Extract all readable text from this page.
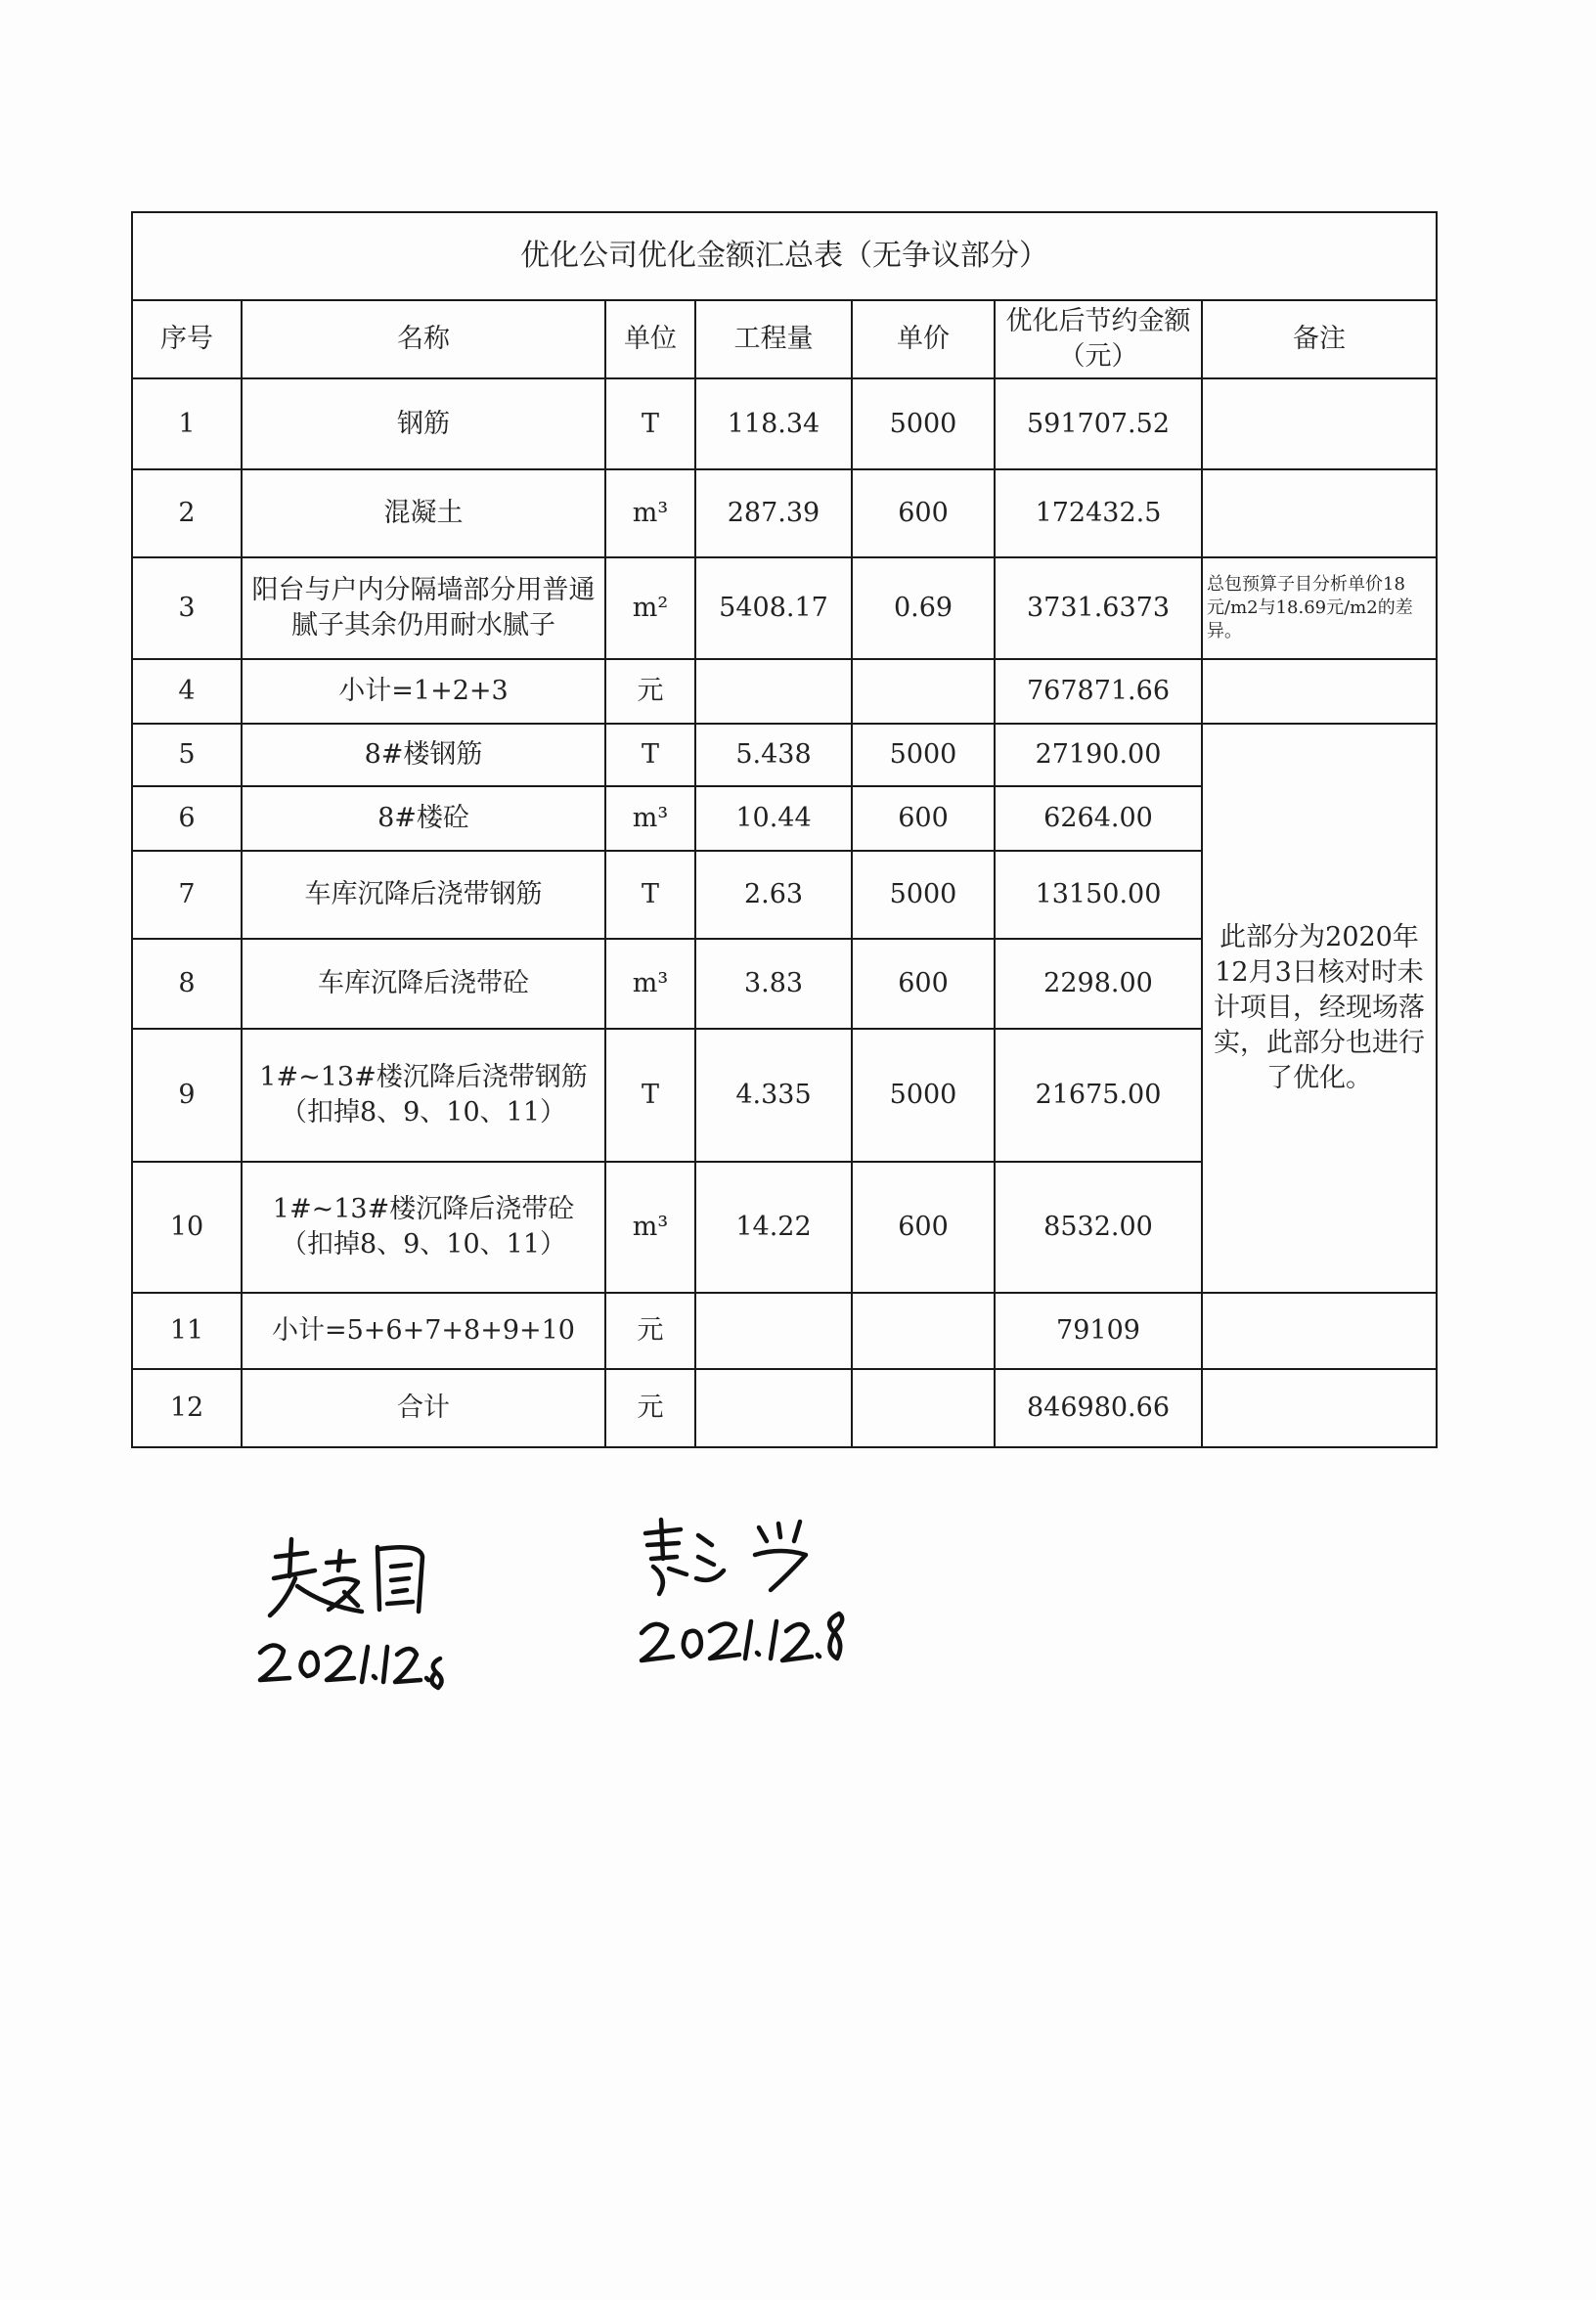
优化公司优化金额汇总表（无争议部分）						
序号	名称	单位	工程量	单价	优化后节约金额（元）	备注
1	钢筋	T	118.34	5000	591707.52	
2	混凝土	m³	287.39	600	172432.5	
3	阳台与户内分隔墙部分用普通腻子其余仍用耐水腻子	m²	5408.17	0.69	3731.6373	总包预算子目分析单价18元/m2与18.69元/m2的差异。
4	小计=1+2+3	元			767871.66	
5	8#楼钢筋	T	5.438	5000	27190.00	此部分为2020年12月3日核对时未计项目，经现场落实，此部分也进行了优化。
6	8#楼砼	m³	10.44	600	6264.00	
7	车库沉降后浇带钢筋	T	2.63	5000	13150.00	
8	车库沉降后浇带砼	m³	3.83	600	2298.00	
9	1#~13#楼沉降后浇带钢筋（扣掉8、9、10、11）	T	4.335	5000	21675.00	
10	1#~13#楼沉降后浇带砼（扣掉8、9、10、11）	m³	14.22	600	8532.00	
11	小计=5+6+7+8+9+10	元			79109	
12	合计	元			846980.66	
